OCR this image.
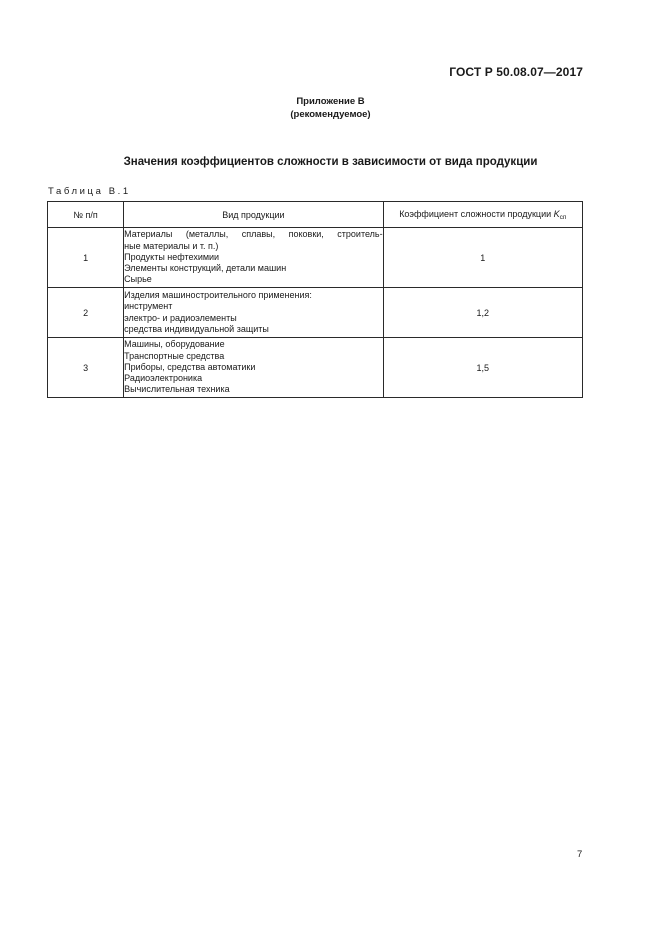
ГОСТ Р 50.08.07—2017
Приложение В
(рекомендуемое)
Значения коэффициентов сложности в зависимости от вида продукции
Таблица В.1
№ п/п	Вид продукции	Коэффициент сложности продукции $K_{сп}$
1	Материалы (металлы, сплавы, поковки, строитель-
ные материалы и т. п.)
Продукты нефтехимии
Элементы конструкций, детали машин
Сырье	1
2	Изделия машиностроительного применения:
инструмент
электро- и радиоэлементы
средства индивидуальной защиты	1,2
3	Машины, оборудование
Транспортные средства
Приборы, средства автоматики
Радиоэлектроника
Вычислительная техника	1,5
7
